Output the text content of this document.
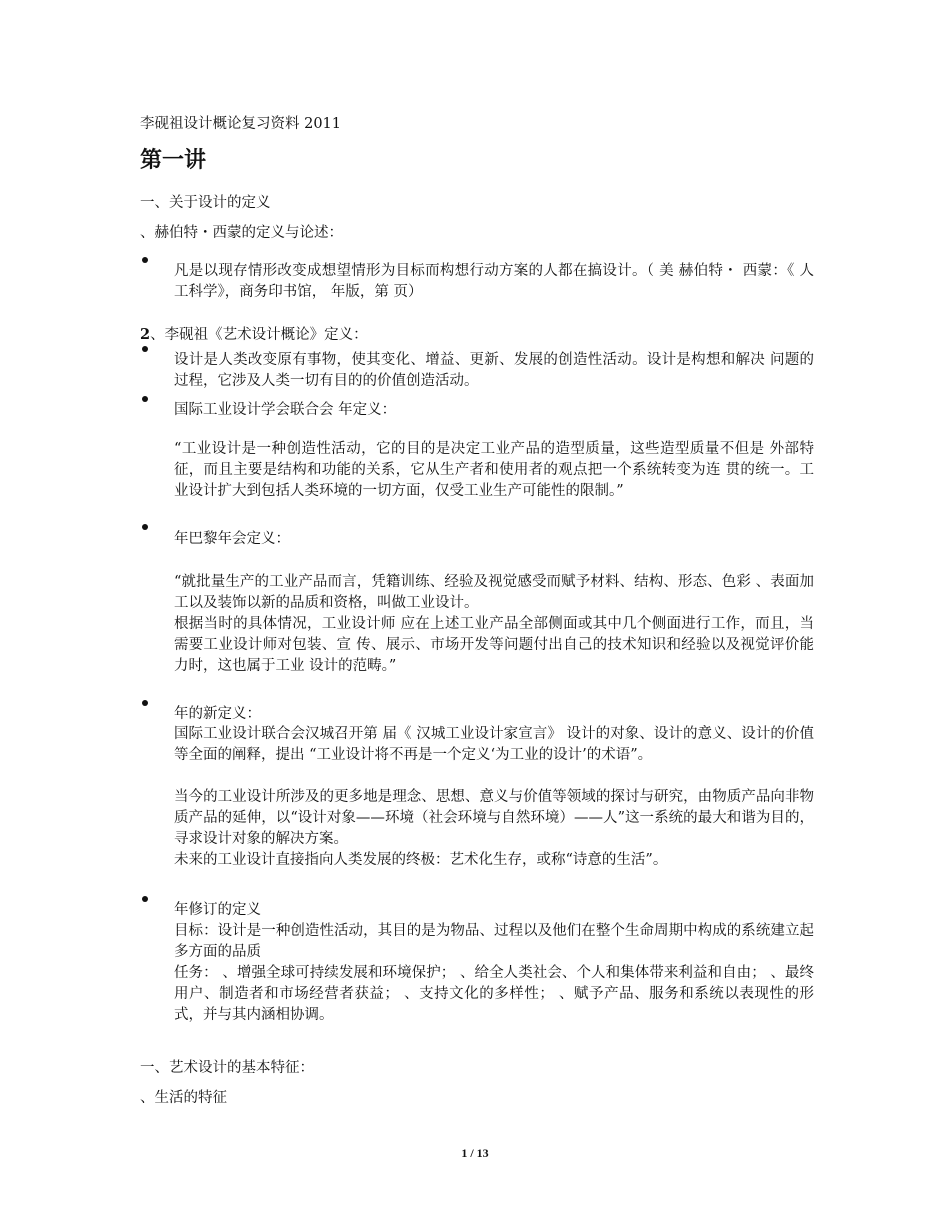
李砚祖设计概论复习资料 2011
第一讲
一、关于设计的定义
、赫伯特・西蒙的定义与论述：
凡是以现存情形改变成想望情形为目标而构想行动方案的人都在搞设计。（ 美 赫伯特・ 西蒙：《 人工科学》，商务印书馆， 年版，第 页）
2、李砚祖《艺术设计概论》定义：
设计是人类改变原有事物，使其变化、增益、更新、发展的创造性活动。设计是构想和解决 问题的过程，它涉及人类一切有目的的价值创造活动。
国际工业设计学会联合会 年定义：
“工业设计是一种创造性活动，它的目的是决定工业产品的造型质量，这些造型质量不但是 外部特征，而且主要是结构和功能的关系，它从生产者和使用者的观点把一个系统转变为连 贯的统一。工业设计扩大到包括人类环境的一切方面，仅受工业生产可能性的限制。”
年巴黎年会定义：
“就批量生产的工业产品而言，凭籍训练、经验及视觉感受而赋予材料、结构、形态、色彩 、表面加工以及装饰以新的品质和资格，叫做工业设计。
根据当时的具体情况，工业设计师 应在上述工业产品全部侧面或其中几个侧面进行工作，而且，当需要工业设计师对包装、宣 传、展示、市场开发等问题付出自己的技术知识和经验以及视觉评价能力时，这也属于工业 设计的范畴。”
年的新定义：
国际工业设计联合会汉城召开第 届《 汉城工业设计家宣言》 设计的对象、设计的意义、设计的价值等全面的阐释，提出 “工业设计将不再是一个定义‘为工业的设计’的术语”。
当今的工业设计所涉及的更多地是理念、思想、意义与价值等领域的探讨与研究，由物质产品向非物质产品的延伸，以“设计对象——环境（社会环境与自然环境）——人”这一系统的最大和谐为目的，寻求设计对象的解决方案。
未来的工业设计直接指向人类发展的终极：艺术化生存，或称“诗意的生活”。
年修订的定义
目标：设计是一种创造性活动，其目的是为物品、过程以及他们在整个生命周期中构成的系统建立起多方面的品质
任务： 、增强全球可持续发展和环境保护； 、给全人类社会、个人和集体带来利益和自由； 、最终用户、制造者和市场经营者获益； 、支持文化的多样性； 、赋予产品、服务和系统以表现性的形式，并与其内涵相协调。
一、艺术设计的基本特征：
、生活的特征
1 / 13
